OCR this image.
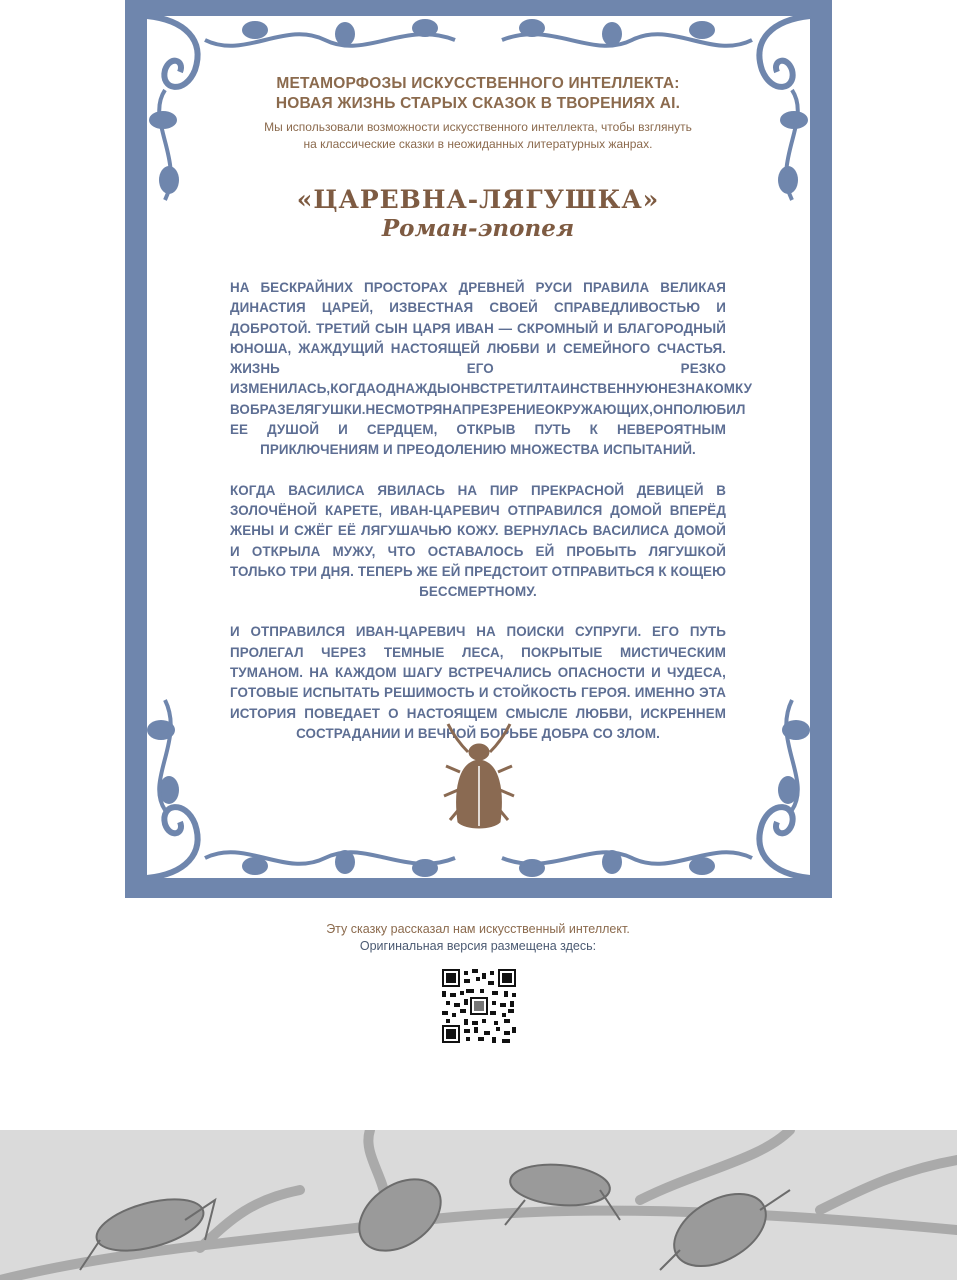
МЕТАМОРФОЗЫ ИСКУССТВЕННОГО ИНТЕЛЛЕКТА:
НОВАЯ ЖИЗНЬ СТАРЫХ СКАЗОК В ТВОРЕНИЯХ AI.
Мы использовали возможности искусственного интеллекта, чтобы взглянуть
на классические сказки в неожиданных литературных жанрах.
«ЦАРЕВНА-ЛЯГУШКА»
Роман-эпопея

НА БЕСКРАЙНИХ ПРОСТОРАХ ДРЕВНЕЙ РУСИ ПРАВИЛА ВЕЛИКАЯ ДИНАСТИЯ ЦАРЕЙ, ИЗВЕСТНАЯ СВОЕЙ СПРАВЕДЛИВОСТЬЮ И ДОБРОТОЙ. ТРЕТИЙ СЫН ЦАРЯ ИВАН — СКРОМНЫЙ И БЛАГОРОДНЫЙ ЮНОША, ЖАЖДУЩИЙ НАСТОЯЩЕЙ ЛЮБВИ И СЕМЕЙНОГО СЧАСТЬЯ. ЖИЗНЬ ЕГО РЕЗКО ИЗМЕНИЛАСЬ,КОГДАОДНАЖДЫОНВСТРЕТИЛТАИНСТВЕННУЮНЕЗНАКОМКУ ВОБРАЗЕЛЯГУШКИ.НЕСМОТРЯНАПРЕЗРЕНИЕОКРУЖАЮЩИХ,ОНПОЛЮБИЛ ЕЕ ДУШОЙ И СЕРДЦЕМ, ОТКРЫВ ПУТЬ К НЕВЕРОЯТНЫМ ПРИКЛЮЧЕНИЯМ И ПРЕОДОЛЕНИЮ МНОЖЕСТВА ИСПЫТАНИЙ.

КОГДА ВАСИЛИСА ЯВИЛАСЬ НА ПИР ПРЕКРАСНОЙ ДЕВИЦЕЙ В ЗОЛОЧЁНОЙ КАРЕТЕ, ИВАН-ЦАРЕВИЧ ОТПРАВИЛСЯ ДОМОЙ ВПЕРЁД ЖЕНЫ И СЖЁГ ЕЁ ЛЯГУШАЧЬЮ КОЖУ. ВЕРНУЛАСЬ ВАСИЛИСА ДОМОЙ И ОТКРЫЛА МУЖУ, ЧТО ОСТАВАЛОСЬ ЕЙ ПРОБЫТЬ ЛЯГУШКОЙ ТОЛЬКО ТРИ ДНЯ. ТЕПЕРЬ ЖЕ ЕЙ ПРЕДСТОИТ ОТПРАВИТЬСЯ К КОЩЕЮ БЕССМЕРТНОМУ.

И ОТПРАВИЛСЯ ИВАН-ЦАРЕВИЧ НА ПОИСКИ СУПРУГИ. ЕГО ПУТЬ ПРОЛЕГАЛ ЧЕРЕЗ ТЕМНЫЕ ЛЕСА, ПОКРЫТЫЕ МИСТИЧЕСКИМ ТУМАНОМ. НА КАЖДОМ ШАГУ ВСТРЕЧАЛИСЬ ОПАСНОСТИ И ЧУДЕСА, ГОТОВЫЕ ИСПЫТАТЬ РЕШИМОСТЬ И СТОЙКОСТЬ ГЕРОЯ. ИМЕННО ЭТА ИСТОРИЯ ПОВЕДАЕТ О НАСТОЯЩЕМ СМЫСЛЕ ЛЮБВИ, ИСКРЕННЕМ СОСТРАДАНИИ И ВЕЧНОЙ БОРЬБЕ ДОБРА СО ЗЛОМ.

Эту сказку рассказал нам искусственный интеллект.
Оригинальная версия размещена здесь:
